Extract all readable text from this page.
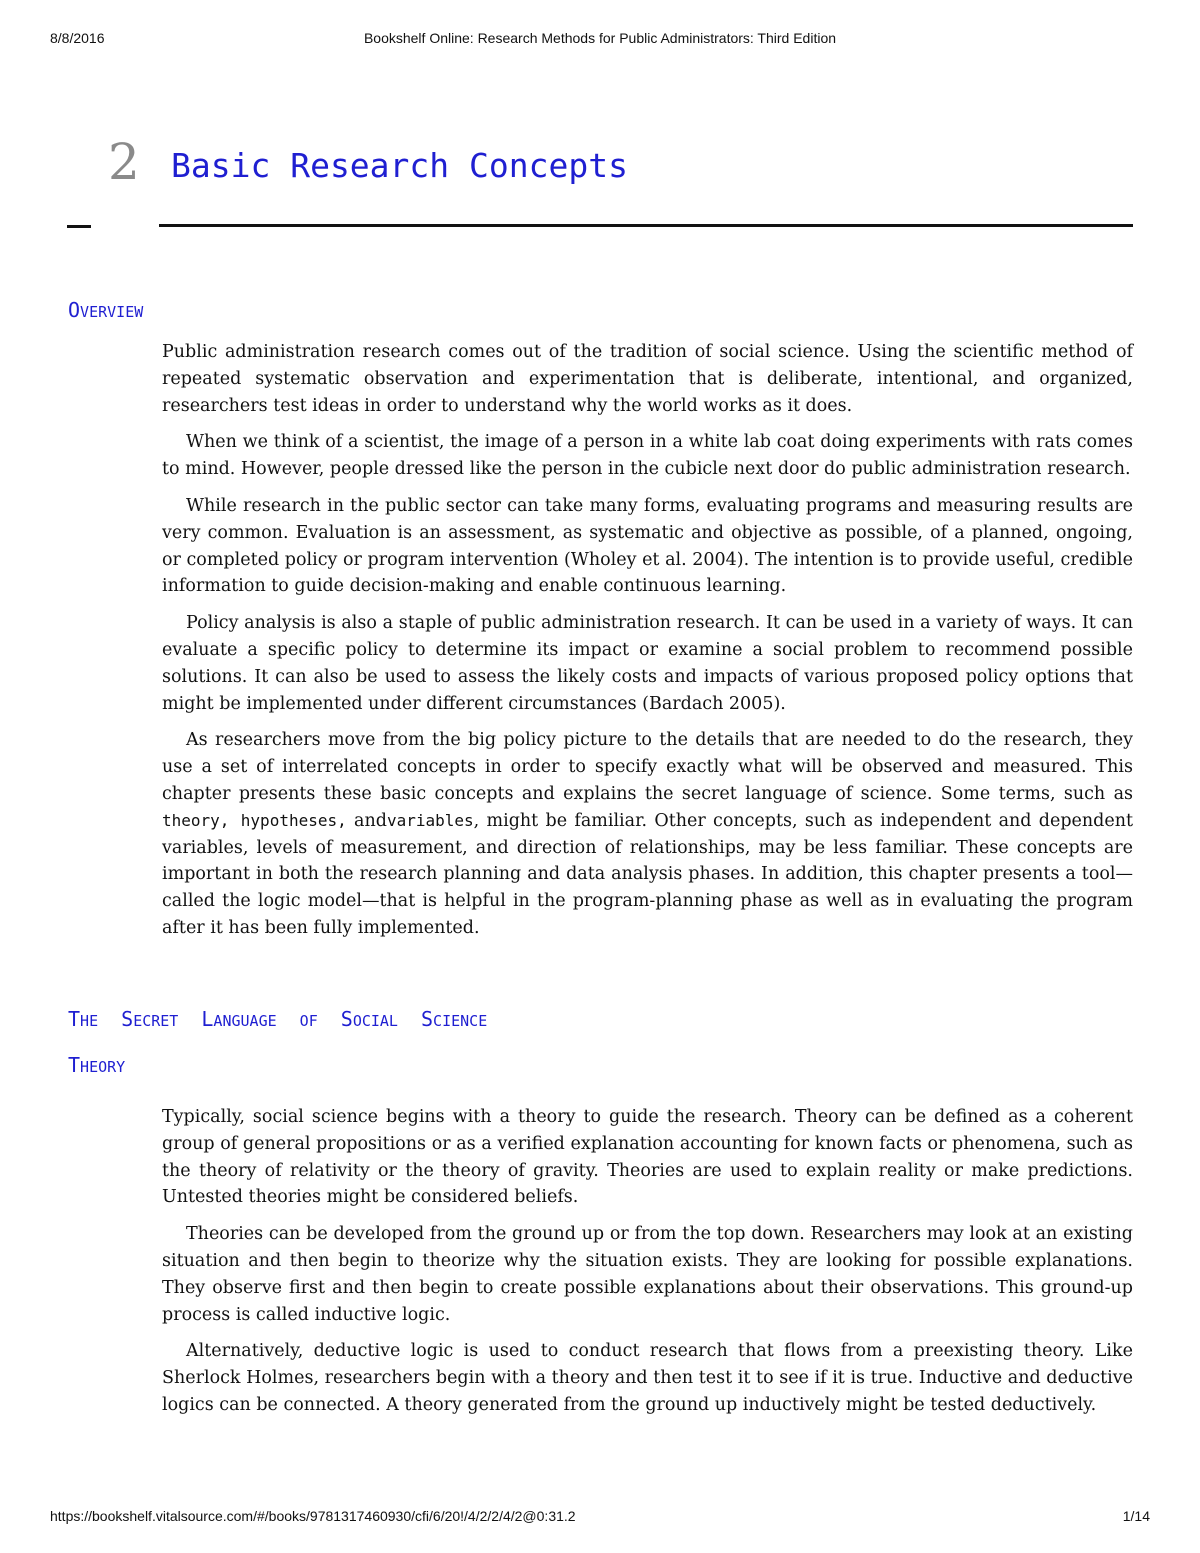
8/8/2016	Bookshelf Online: Research Methods for Public Administrators: Third Edition
2 Basic Research Concepts
OVERVIEW

Public administration research comes out of the tradition of social science. Using the scientific method of repeated systematic observation and experimentation that is deliberate, intentional, and organized, researchers test ideas in order to understand why the world works as it does.

When we think of a scientist, the image of a person in a white lab coat doing experiments with rats comes to mind. However, people dressed like the person in the cubicle next door do public administration research.

While research in the public sector can take many forms, evaluating programs and measuring results are very common. Evaluation is an assessment, as systematic and objective as possible, of a planned, ongoing, or completed policy or program intervention (Wholey et al. 2004). The intention is to provide useful, credible information to guide decision-making and enable continuous learning.

Policy analysis is also a staple of public administration research. It can be used in a variety of ways. It can evaluate a specific policy to determine its impact or examine a social problem to recommend possible solutions. It can also be used to assess the likely costs and impacts of various proposed policy options that might be implemented under different circumstances (Bardach 2005).

As researchers move from the big policy picture to the details that are needed to do the research, they use a set of interrelated concepts in order to specify exactly what will be observed and measured. This chapter presents these basic concepts and explains the secret language of science. Some terms, such as theory, hypotheses, andvariables, might be familiar. Other concepts, such as independent and dependent variables, levels of measurement, and direction of relationships, may be less familiar. These concepts are important in both the research planning and data analysis phases. In addition, this chapter presents a tool—called the logic model—that is helpful in the program-planning phase as well as in evaluating the program after it has been fully implemented.

THE SECRET LANGUAGE OF SOCIAL SCIENCE
THEORY

Typically, social science begins with a theory to guide the research. Theory can be defined as a coherent group of general propositions or as a verified explanation accounting for known facts or phenomena, such as the theory of relativity or the theory of gravity. Theories are used to explain reality or make predictions. Untested theories might be considered beliefs.

Theories can be developed from the ground up or from the top down. Researchers may look at an existing situation and then begin to theorize why the situation exists. They are looking for possible explanations. They observe first and then begin to create possible explanations about their observations. This ground-up process is called inductive logic.

Alternatively, deductive logic is used to conduct research that flows from a preexisting theory. Like Sherlock Holmes, researchers begin with a theory and then test it to see if it is true. Inductive and deductive logics can be connected. A theory generated from the ground up inductively might be tested deductively.

https://bookshelf.vitalsource.com/#/books/9781317460930/cfi/6/20!/4/2/2/4/2@0:31.2	1/14
